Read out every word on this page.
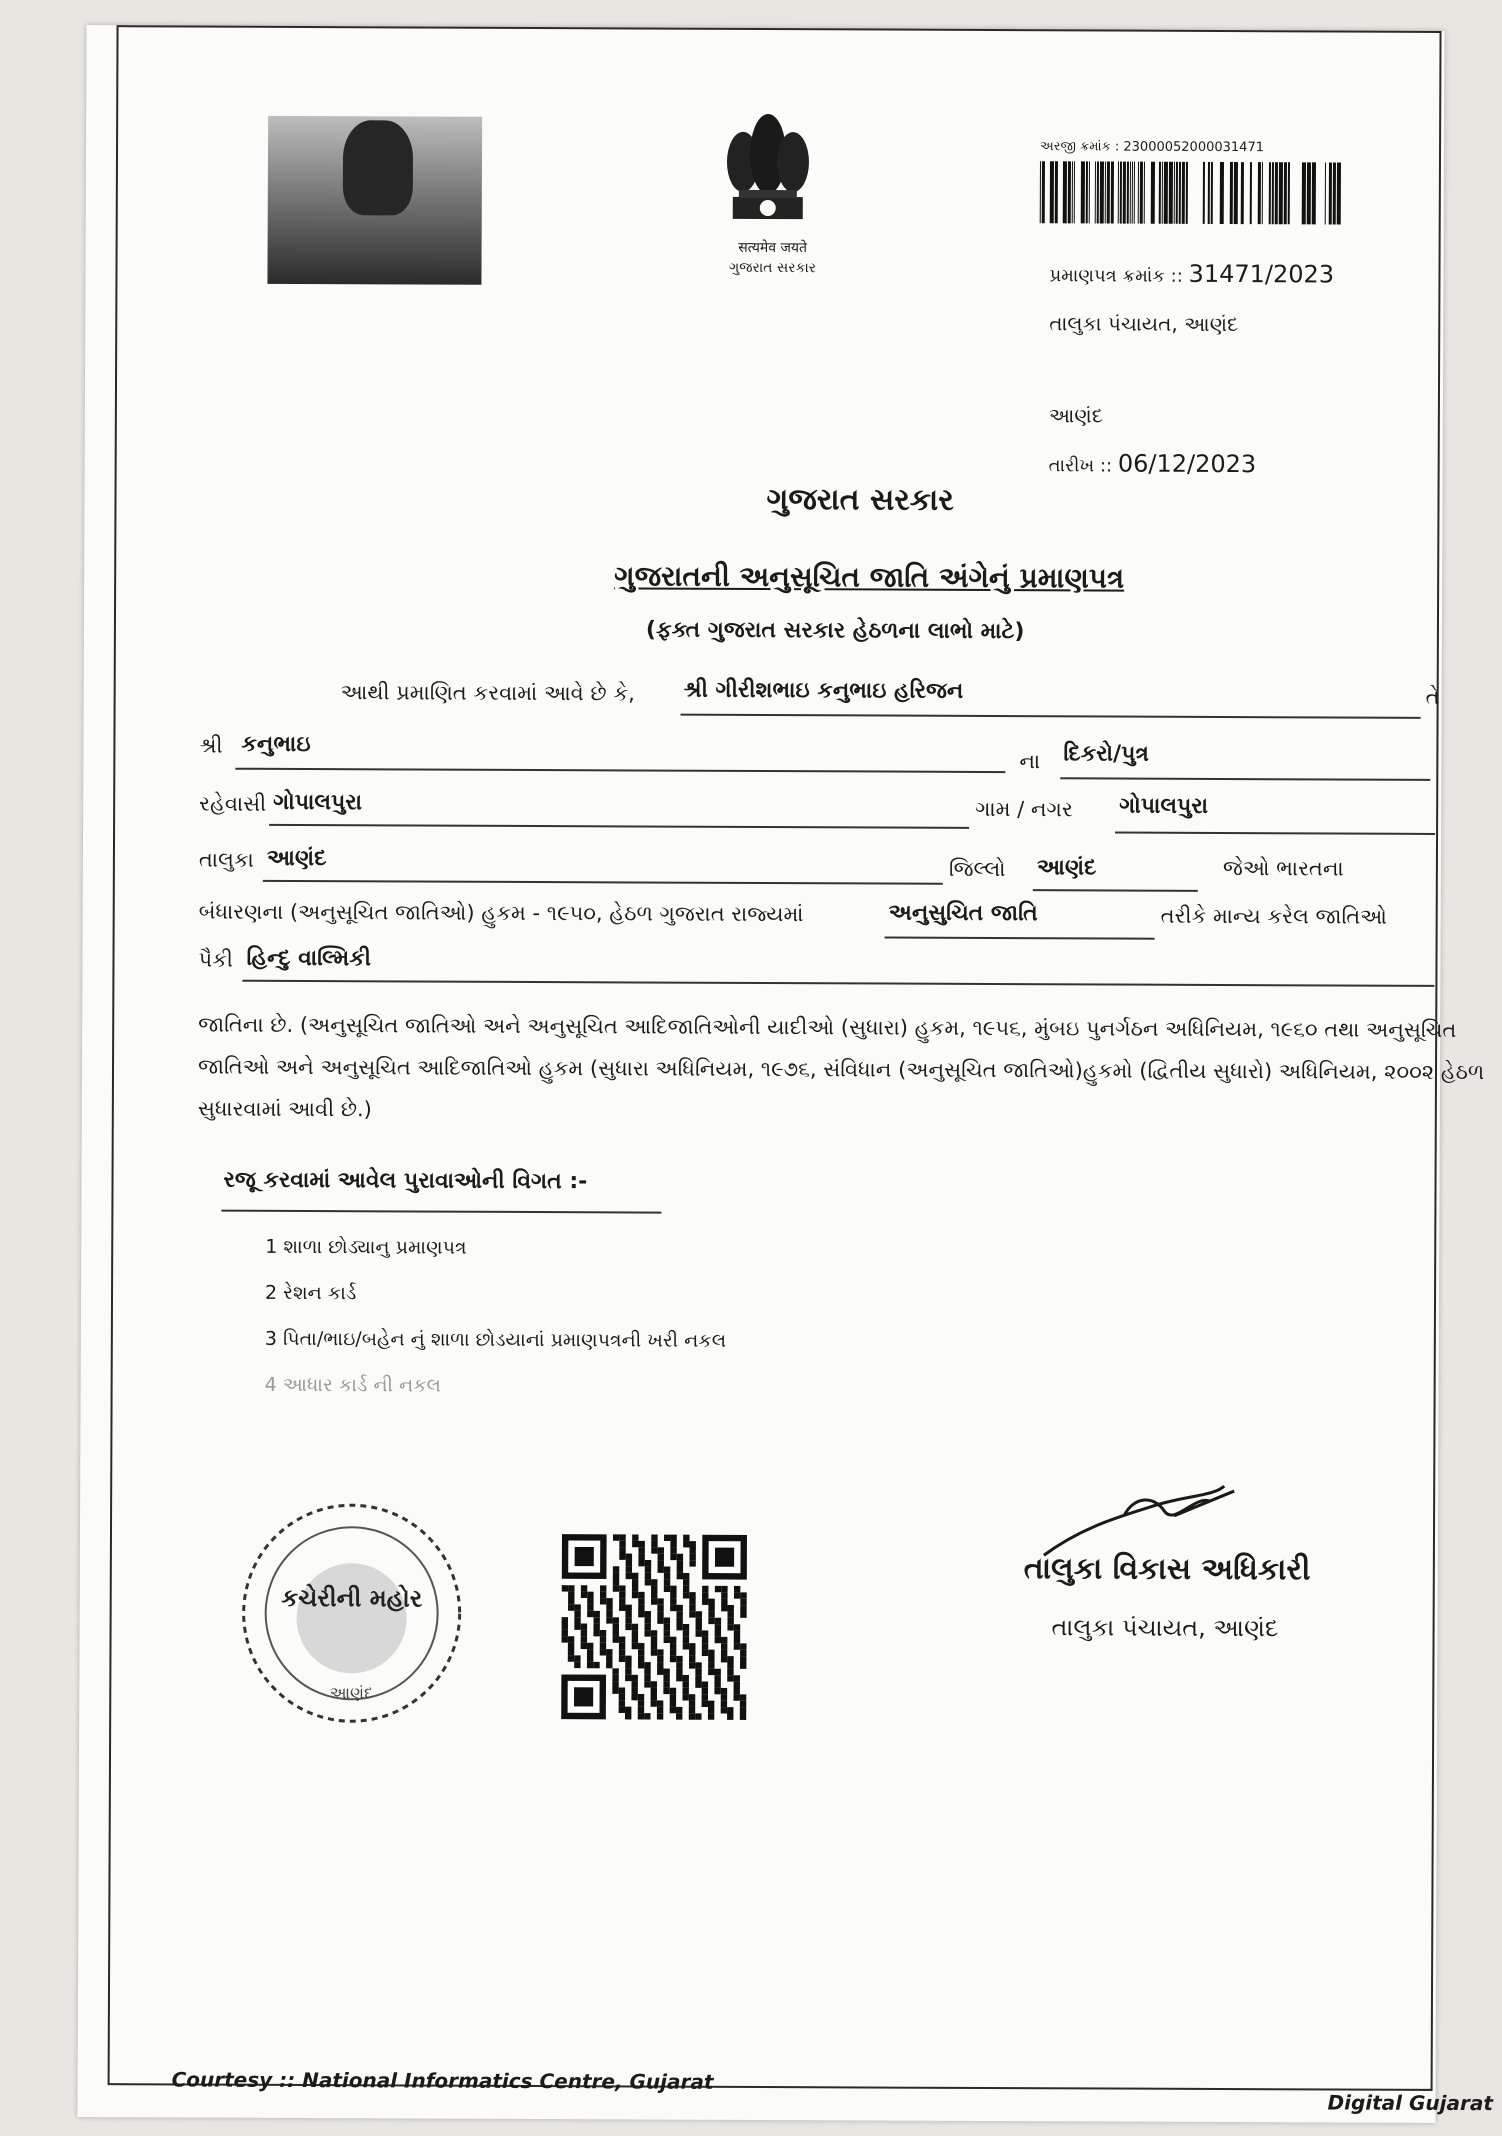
सत्यमेव जयते
ગુજરાત સરકાર
અરજી ક્રમાંક : 23000052000031471
પ્રમાણપત્ર ક્રમાંક :: 31471/2023
તાલુકા પંચાયત, આણંદ
આણંદ
તારીખ :: 06/12/2023
ગુજરાત સરકાર
ગુજરાતની અનુસૂચિત જાતિ અંગેનું પ્રમાણપત્ર
(ફક્ત ગુજરાત સરકાર હેઠળના લાભો માટે)
આથી પ્રમાણિત કરવામાં આવે છે કે, શ્રી ગીરીશભાઇ કનુભાઇ હરિજન	તે
શ્રી કનુભાઇ
ના દિકરો/પુત્ર
રહેવાસી ગોપાલપુરા	ગામ / નગર ગોપાલપુરા
તાલુકા આણંદ	જિલ્લો આણંદ	જેઓ ભારતના
બંધારણના (અનુસૂચિત જાતિઓ) હુકમ - ૧૯૫૦, હેઠળ ગુજરાત રાજ્યમાં	અનુસુચિત જાતિ	તરીકે માન્ય કરેલ જાતિઓ
પૈકી હિન્દુ વાલ્મિકી
જાતિના છે. (અનુસૂચિત જાતિઓ અને અનુસૂચિત આદિજાતિઓની યાદીઓ (સુધારા) હુકમ, ૧૯૫૬, મુંબઇ પુનર્ગઠન અધિનિયમ, ૧૯૬૦ તથા અનુસૂચિત જાતિઓ અને અનુસૂચિત આદિજાતિઓ હુકમ (સુધારા અધિનિયમ, ૧૯૭૬, સંવિધાન (અનુસૂચિત જાતિઓ)હુકમો (દ્વિતીય સુધારો) અધિનિયમ, ૨૦૦૨ હેઠળ સુધારવામાં આવી છે.)
રજૂ કરવામાં આવેલ પુરાવાઓની વિગત :-
1 શાળા છોડ્યાનુ પ્રમાણપત્ર
2 રેશન કાર્ડ
3 પિતા/ભાઇ/બહેન નું શાળા છોડયાનાં પ્રમાણપત્રની ખરી નકલ
4 આધાર કાર્ડ ની નકલ
કચેરીની મહોર
આણંદ
તાલુકા વિકાસ અધિકારી
તાલુકા પંચાયત, આણંદ
Courtesy :: National Informatics Centre, Gujarat
Digital Gujarat
